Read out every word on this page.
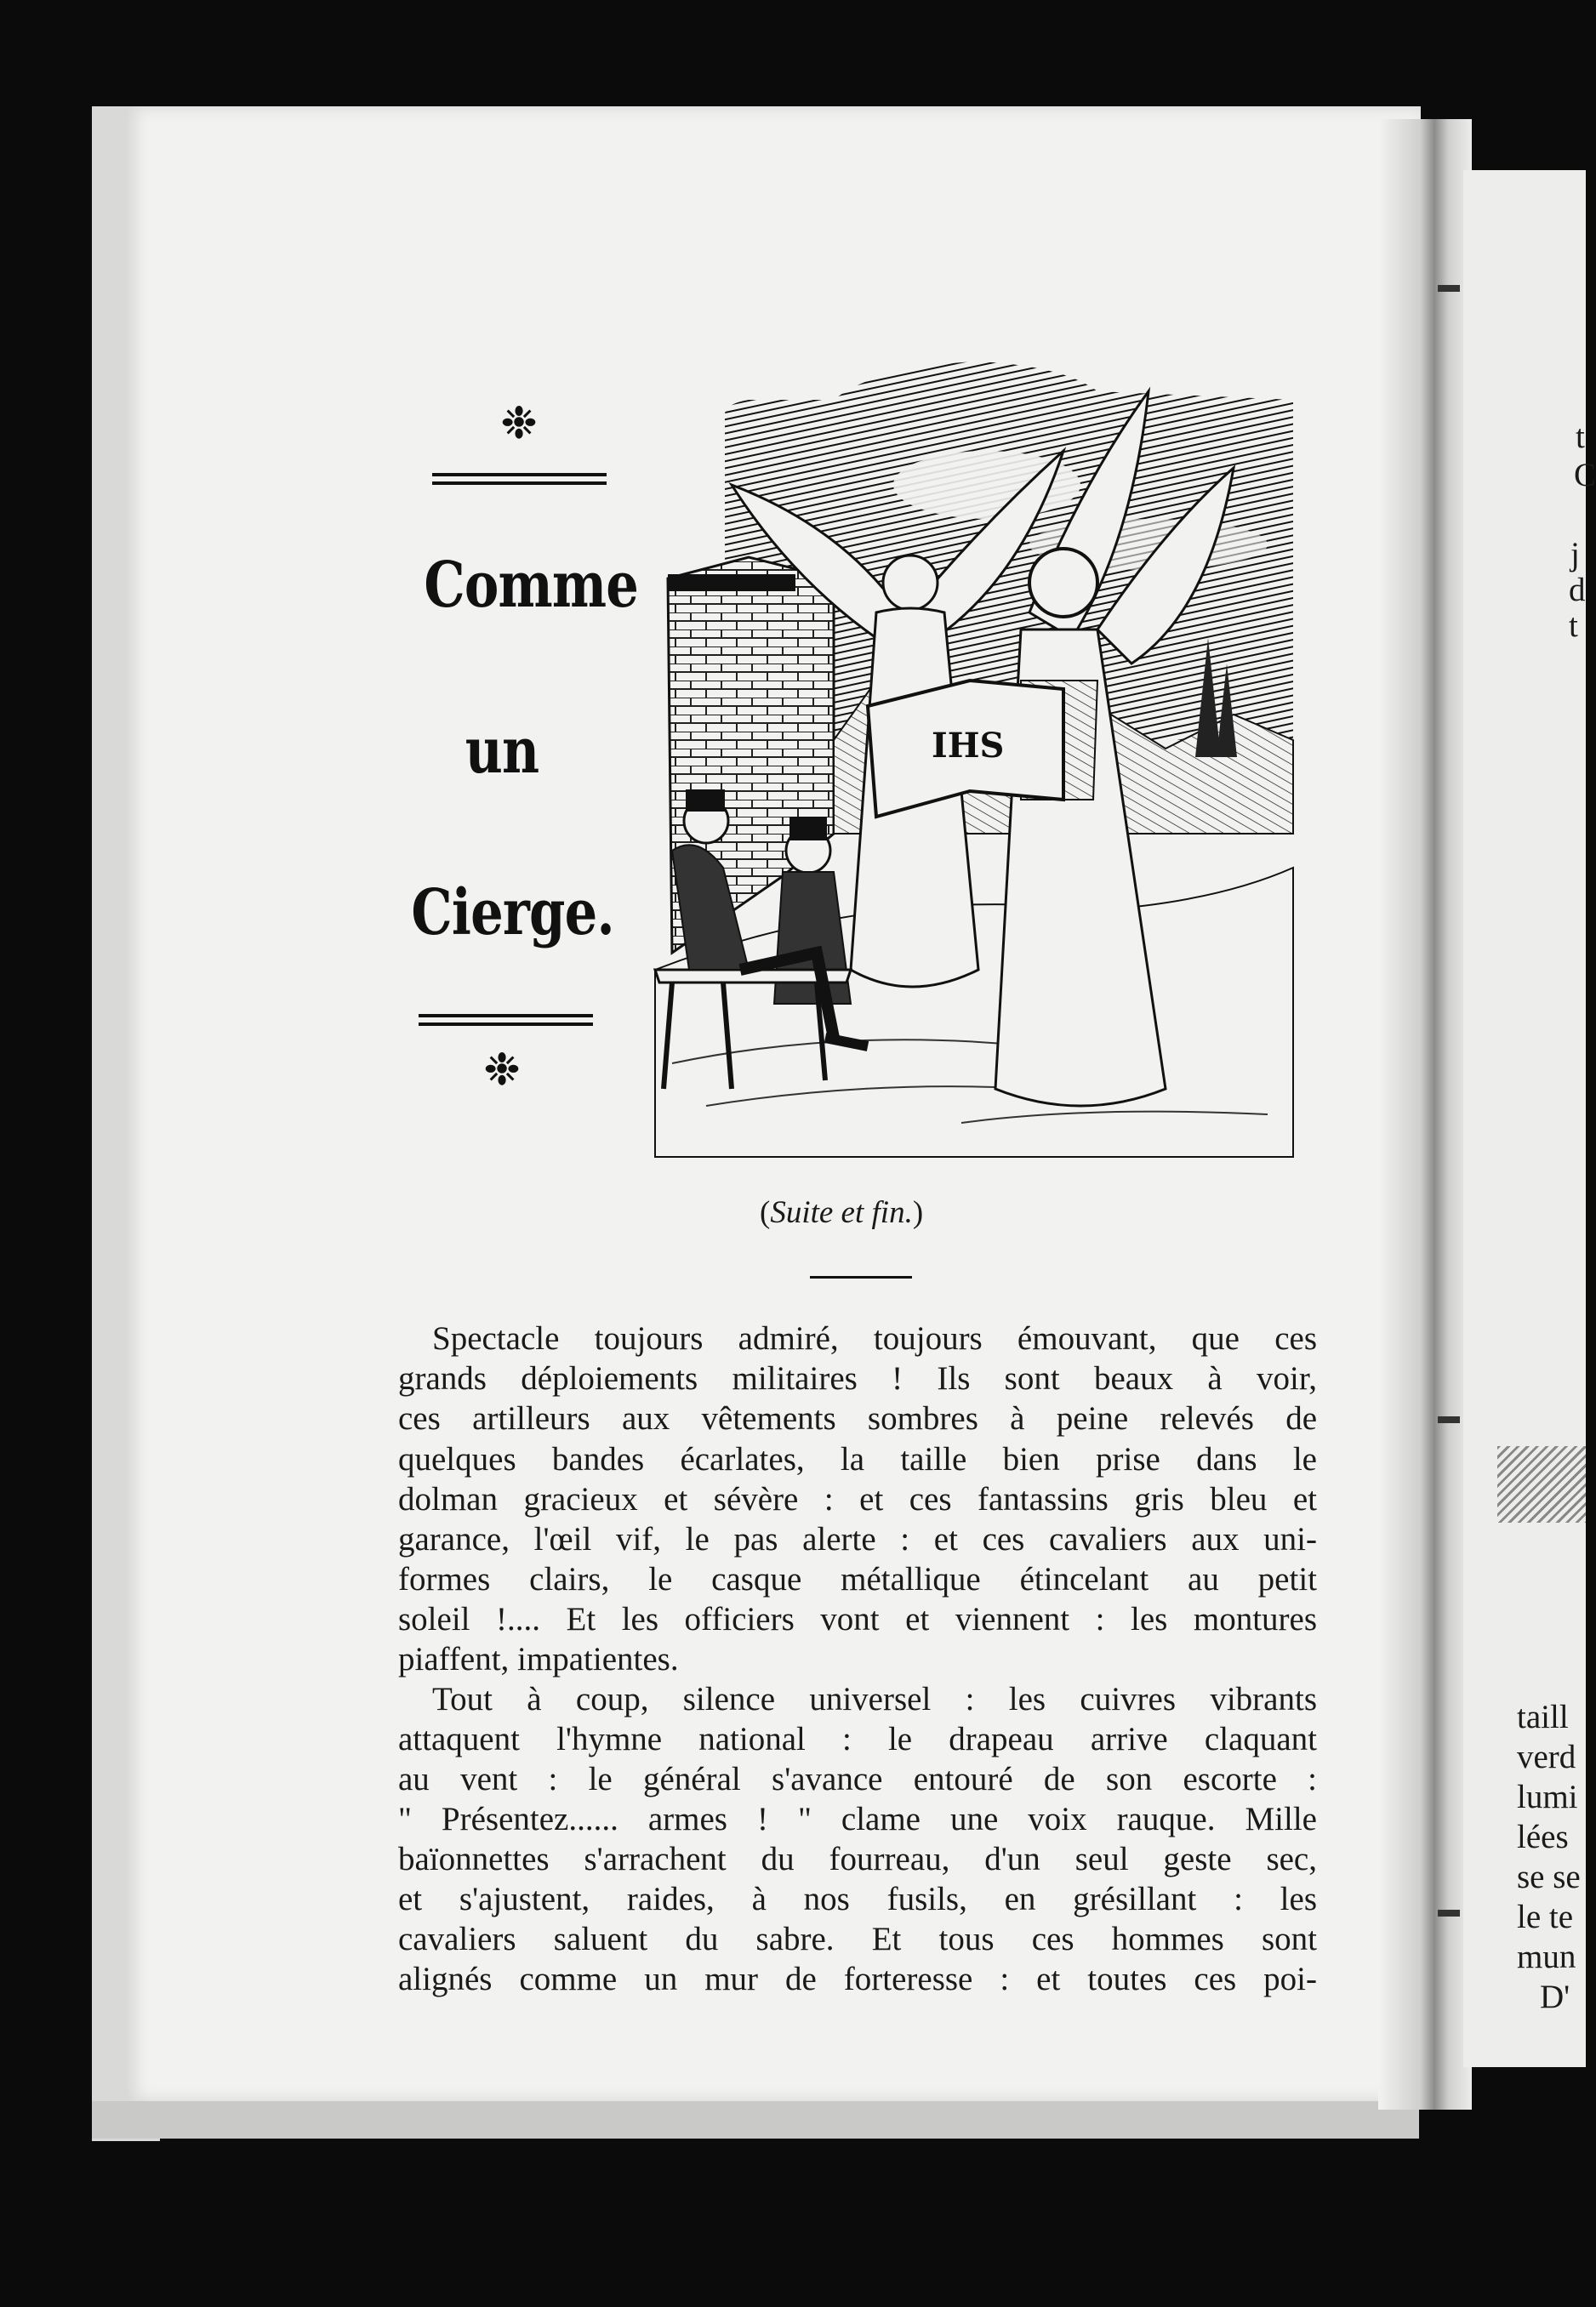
❉
Comme
un
Cierge.
❉
IHS
(Suite et fin.)
Spectacle toujours admiré, toujours émouvant, que ces
grands déploiements militaires ! Ils sont beaux à voir,
ces artilleurs aux vêtements sombres à peine relevés de
quelques bandes écarlates, la taille bien prise dans le
dolman gracieux et sévère : et ces fantassins gris bleu et
garance, l'œil vif, le pas alerte : et ces cavaliers aux uni-
formes clairs, le casque métallique étincelant au petit
soleil !.... Et les officiers vont et viennent : les montures
piaffent, impatientes.
Tout à coup, silence universel : les cuivres vibrants
attaquent l'hymne national : le drapeau arrive claquant
au vent : le général s'avance entouré de son escorte :
" Présentez...... armes ! " clame une voix rauque. Mille
baïonnettes s'arrachent du fourreau, d'un seul geste sec,
et s'ajustent, raides, à nos fusils, en grésillant : les
cavaliers saluent du sabre. Et tous ces hommes sont
alignés comme un mur de forteresse : et toutes ces poi-
t
C
j
d
t
taill
verd
lumi
lées
se se
le te
mun
D'
